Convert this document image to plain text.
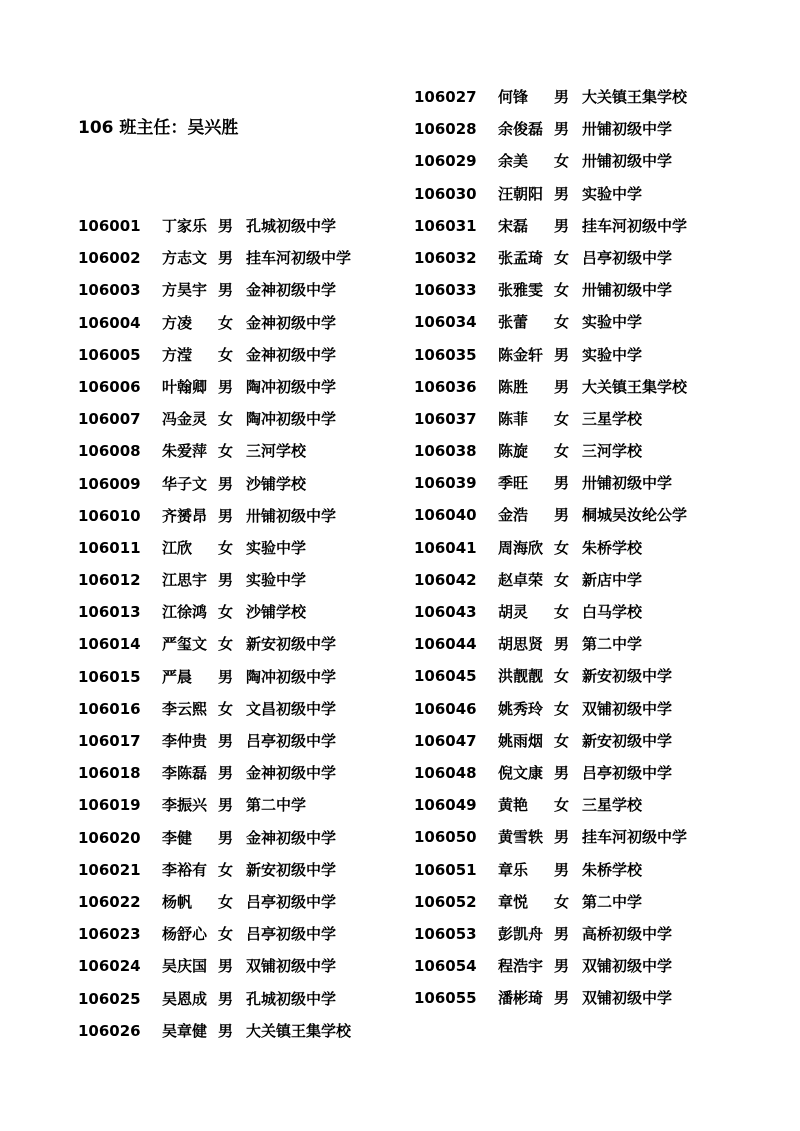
106 班主任：吴兴胜
106001 丁家乐 男 孔城初级中学
106002 方志文 男 挂车河初级中学
106003 方昊宇 男 金神初级中学
106004 方凌 女 金神初级中学
106005 方滢 女 金神初级中学
106006 叶翰卿 男 陶冲初级中学
106007 冯金灵 女 陶冲初级中学
106008 朱爱萍 女 三河学校
106009 华子文 男 沙铺学校
106010 齐赟昂 男 卅铺初级中学
106011 江欣 女 实验中学
106012 江思宇 男 实验中学
106013 江徐鸿 女 沙铺学校
106014 严玺文 女 新安初级中学
106015 严晨 男 陶冲初级中学
106016 李云熙 女 文昌初级中学
106017 李仲贵 男 吕亭初级中学
106018 李陈磊 男 金神初级中学
106019 李振兴 男 第二中学
106020 李健 男 金神初级中学
106021 李裕有 女 新安初级中学
106022 杨帆 女 吕亭初级中学
106023 杨舒心 女 吕亭初级中学
106024 吴庆国 男 双铺初级中学
106025 吴恩成 男 孔城初级中学
106026 吴章健 男 大关镇王集学校
106027 何锋 男 大关镇王集学校
106028 余俊磊 男 卅铺初级中学
106029 余美 女 卅铺初级中学
106030 汪朝阳 男 实验中学
106031 宋磊 男 挂车河初级中学
106032 张孟琦 女 吕亭初级中学
106033 张雅雯 女 卅铺初级中学
106034 张蕾 女 实验中学
106035 陈金轩 男 实验中学
106036 陈胜 男 大关镇王集学校
106037 陈菲 女 三星学校
106038 陈旋 女 三河学校
106039 季旺 男 卅铺初级中学
106040 金浩 男 桐城吴汝纶公学
106041 周海欣 女 朱桥学校
106042 赵卓荣 女 新店中学
106043 胡灵 女 白马学校
106044 胡思贤 男 第二中学
106045 洪靓靓 女 新安初级中学
106046 姚秀玲 女 双铺初级中学
106047 姚雨烟 女 新安初级中学
106048 倪文康 男 吕亭初级中学
106049 黄艳 女 三星学校
106050 黄雪轶 男 挂车河初级中学
106051 章乐 男 朱桥学校
106052 章悦 女 第二中学
106053 彭凯舟 男 高桥初级中学
106054 程浩宇 男 双铺初级中学
106055 潘彬琦 男 双铺初级中学
